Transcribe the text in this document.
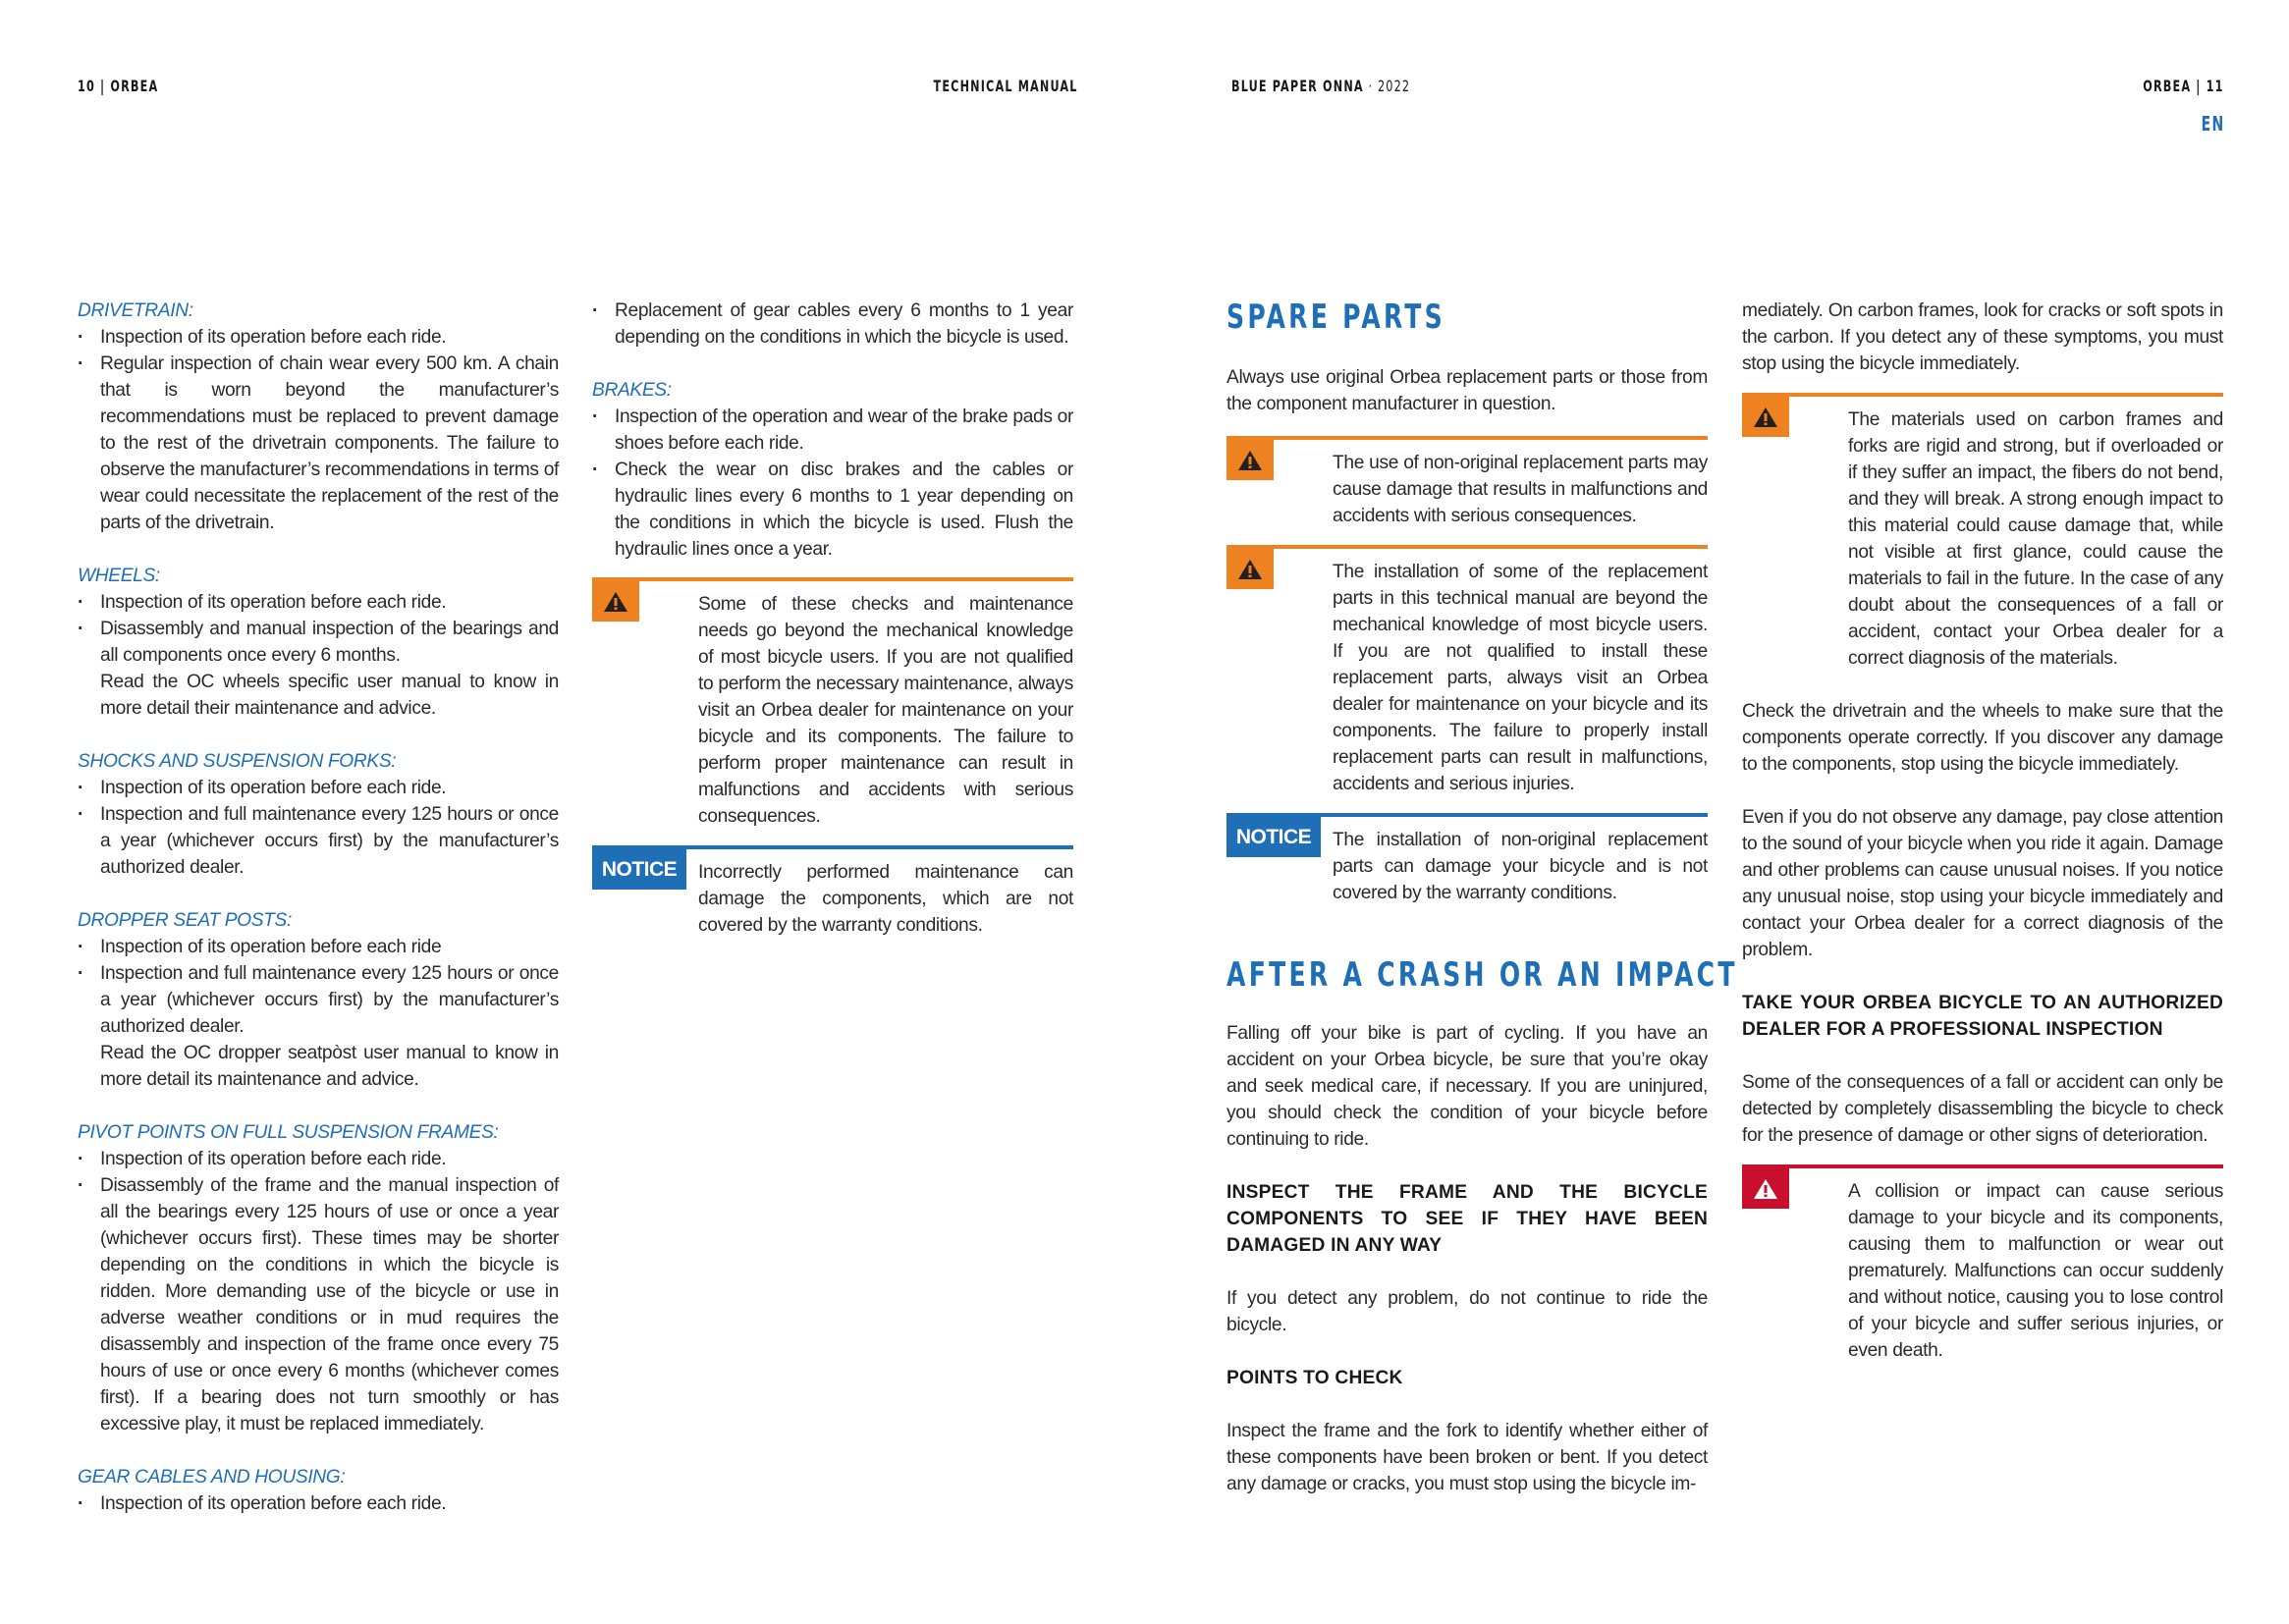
10 | ORBEA	TECHNICAL MANUAL	BLUE PAPER ONNA · 2022	ORBEA | 11
EN

DRIVETRAIN:

· Inspection of its operation before each ride.
· Regular inspection of chain wear every 500 km. A chain that is worn beyond the manufacturer’s recommendations must be replaced to prevent damage to the rest of the drivetrain components. The failure to observe the manufacturer’s recommendations in terms of wear could necessitate the replacement of the rest of the parts of the drivetrain.

WHEELS:

· Inspection of its operation before each ride.
· Disassembly and manual inspection of the bearings and all components once every 6 months.
Read the OC wheels specific user manual to know in more detail their maintenance and advice.

SHOCKS AND SUSPENSION FORKS:

· Inspection of its operation before each ride.
· Inspection and full maintenance every 125 hours or once a year (whichever occurs first) by the manufacturer’s authorized dealer.

DROPPER SEAT POSTS:

· Inspection of its operation before each ride
· Inspection and full maintenance every 125 hours or once a year (whichever occurs first) by the manufacturer’s authorized dealer.
Read the OC dropper seatpòst user manual to know in more detail its maintenance and advice.

PIVOT POINTS ON FULL SUSPENSION FRAMES:

· Inspection of its operation before each ride.
· Disassembly of the frame and the manual inspection of all the bearings every 125 hours of use or once a year (whichever occurs first). These times may be shorter depending on the conditions in which the bicycle is ridden. More demanding use of the bicycle or use in adverse weather conditions or in mud requires the disassembly and inspection of the frame once every 75 hours of use or once every 6 months (whichever comes first). If a bearing does not turn smoothly or has excessive play, it must be replaced immediately.

GEAR CABLES AND HOUSING:

· Inspection of its operation before each ride.
· Replacement of gear cables every 6 months to 1 year depending on the conditions in which the bicycle is used.

BRAKES:

· Inspection of the operation and wear of the brake pads or shoes before each ride.
· Check the wear on disc brakes and the cables or hydraulic lines every 6 months to 1 year depending on the conditions in which the bicycle is used. Flush the hydraulic lines once a year.

Some of these checks and maintenance needs go beyond the mechanical knowledge of most bicycle users. If you are not qualified to perform the necessary maintenance, always visit an Orbea dealer for maintenance on your bicycle and its components. The failure to perform proper maintenance can result in malfunctions and accidents with serious consequences.

NOTICE	Incorrectly performed maintenance can damage the components, which are not covered by the warranty conditions.

SPARE PARTS

Always use original Orbea replacement parts or those from the component manufacturer in question.

The use of non-original replacement parts may cause damage that results in malfunctions and accidents with serious consequences.

The installation of some of the replacement parts in this technical manual are beyond the mechanical knowledge of most bicycle users. If you are not qualified to install these replacement parts, always visit an Orbea dealer for maintenance on your bicycle and its components. The failure to properly install replacement parts can result in malfunctions, accidents and serious injuries.

NOTICE	The installation of non-original replacement parts can damage your bicycle and is not covered by the warranty conditions.

AFTER A CRASH OR AN IMPACT

Falling off your bike is part of cycling. If you have an accident on your Orbea bicycle, be sure that you’re okay and seek medical care, if necessary. If you are uninjured, you should check the condition of your bicycle before continuing to ride.

INSPECT THE FRAME AND THE BICYCLE COMPONENTS TO SEE IF THEY HAVE BEEN DAMAGED IN ANY WAY

If you detect any problem, do not continue to ride the bicycle.

POINTS TO CHECK

Inspect the frame and the fork to identify whether either of these components have been broken or bent. If you detect any damage or cracks, you must stop using the bicycle im-

mediately. On carbon frames, look for cracks or soft spots in the carbon. If you detect any of these symptoms, you must stop using the bicycle immediately.

The materials used on carbon frames and forks are rigid and strong, but if overloaded or if they suffer an impact, the fibers do not bend, and they will break. A strong enough impact to this material could cause damage that, while not visible at first glance, could cause the materials to fail in the future. In the case of any doubt about the consequences of a fall or accident, contact your Orbea dealer for a correct diagnosis of the materials.

Check the drivetrain and the wheels to make sure that the components operate correctly. If you discover any damage to the components, stop using the bicycle immediately.

Even if you do not observe any damage, pay close attention to the sound of your bicycle when you ride it again. Damage and other problems can cause unusual noises. If you notice any unusual noise, stop using your bicycle immediately and contact your Orbea dealer for a correct diagnosis of the problem.

TAKE YOUR ORBEA BICYCLE TO AN AUTHORIZED DEALER FOR A PROFESSIONAL INSPECTION

Some of the consequences of a fall or accident can only be detected by completely disassembling the bicycle to check for the presence of damage or other signs of deterioration.

A collision or impact can cause serious damage to your bicycle and its components, causing them to malfunction or wear out prematurely. Malfunctions can occur suddenly and without notice, causing you to lose control of your bicycle and suffer serious injuries, or even death.
